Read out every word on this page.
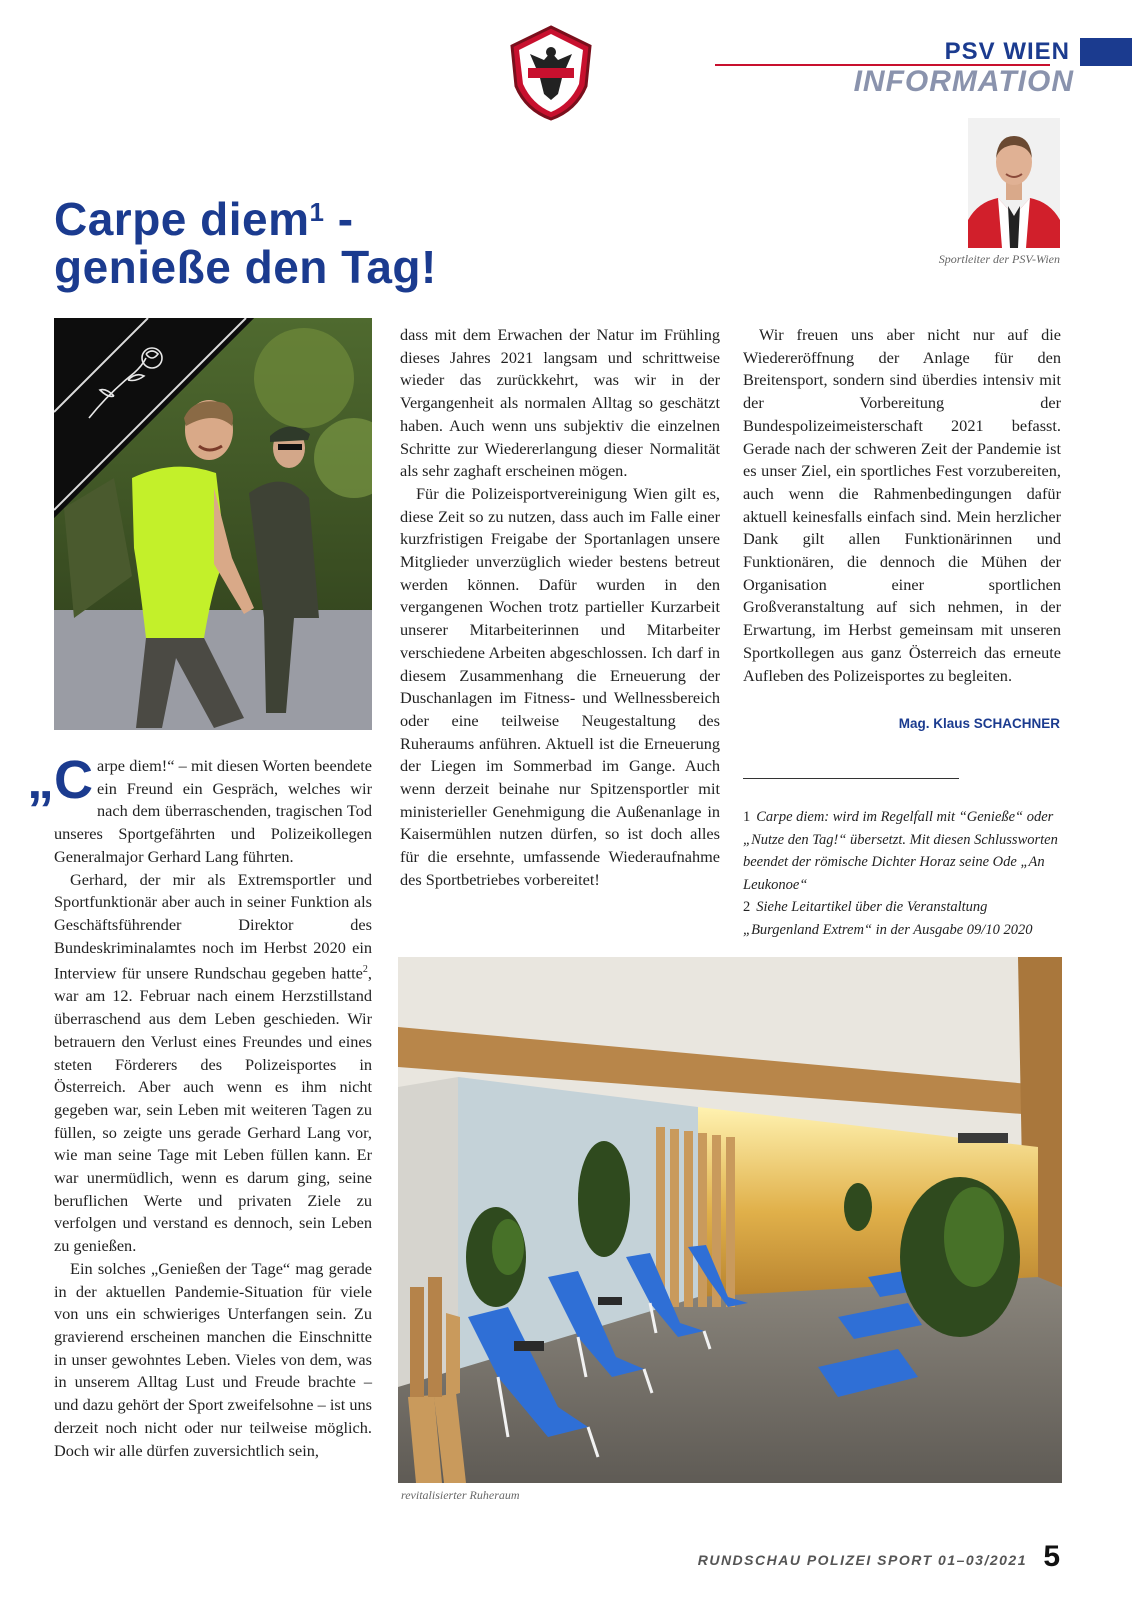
PSV WIEN
INFORMATION
Sportleiter der PSV-Wien
Carpe diem$^1$ -
genieße den Tag!

„C arpe diem!“ – mit diesen Worten beendete ein Freund ein Gespräch, welches wir nach dem überraschenden, tragischen Tod unseres Sportgefährten und Polizeikollegen Generalmajor Gerhard Lang führten.

Gerhard, der mir als Extremsportler und Sportfunktionär aber auch in seiner Funktion als Geschäftsführender Direktor des Bundeskriminalamtes noch im Herbst 2020 ein Interview für unsere Rundschau gegeben hatte$^2$, war am 12. Februar nach einem Herzstillstand überraschend aus dem Leben geschieden. Wir betrauern den Verlust eines Freundes und eines steten Förderers des Polizeisportes in Österreich. Aber auch wenn es ihm nicht gegeben war, sein Leben mit weiteren Tagen zu füllen, so zeigte uns gerade Gerhard Lang vor, wie man seine Tage mit Leben füllen kann. Er war unermüdlich, wenn es darum ging, seine beruflichen Werte und privaten Ziele zu verfolgen und verstand es dennoch, sein Leben zu genießen.

Ein solches „Genießen der Tage“ mag gerade in der aktuellen Pandemie-Situation für viele von uns ein schwieriges Unterfangen sein. Zu gravierend erscheinen manchen die Einschnitte in unser gewohntes Leben. Vieles von dem, was in unserem Alltag Lust und Freude brachte – und dazu gehört der Sport zweifelsohne – ist uns derzeit noch nicht oder nur teilweise möglich. Doch wir alle dürfen zuversichtlich sein,

dass mit dem Erwachen der Natur im Frühling dieses Jahres 2021 langsam und schrittweise wieder das zurückkehrt, was wir in der Vergangenheit als normalen Alltag so geschätzt haben. Auch wenn uns subjektiv die einzelnen Schritte zur Wiedererlangung dieser Normalität als sehr zaghaft erscheinen mögen.

Für die Polizeisportvereinigung Wien gilt es, diese Zeit so zu nutzen, dass auch im Falle einer kurzfristigen Freigabe der Sportanlagen unsere Mitglieder unverzüglich wieder bestens betreut werden können. Dafür wurden in den vergangenen Wochen trotz partieller Kurzarbeit unserer Mitarbeiterinnen und Mitarbeiter verschiedene Arbeiten abgeschlossen. Ich darf in diesem Zusammenhang die Erneuerung der Duschanlagen im Fitness- und Wellnessbereich oder eine teilweise Neugestaltung des Ruheraums anführen. Aktuell ist die Erneuerung der Liegen im Sommerbad im Gange. Auch wenn derzeit beinahe nur Spitzensportler mit ministerieller Genehmigung die Außenanlage in Kaisermühlen nutzen dürfen, so ist doch alles für die ersehnte, umfassende Wiederaufnahme des Sportbetriebes vorbereitet!

Wir freuen uns aber nicht nur auf die Wiedereröffnung der Anlage für den Breitensport, sondern sind überdies intensiv mit der Vorbereitung der Bundespolizeimeisterschaft 2021 befasst. Gerade nach der schweren Zeit der Pandemie ist es unser Ziel, ein sportliches Fest vorzubereiten, auch wenn die Rahmenbedingungen dafür aktuell keinesfalls einfach sind. Mein herzlicher Dank gilt allen Funktionärinnen und Funktionären, die dennoch die Mühen der Organisation einer sportlichen Großveranstaltung auf sich nehmen, in der Erwartung, im Herbst gemeinsam mit unseren Sportkollegen aus ganz Österreich das erneute Aufleben des Polizeisportes zu begleiten.

Mag. Klaus SCHACHNER

1 Carpe diem: wird im Regelfall mit “Genieße“ oder „Nutze den Tag!“ übersetzt. Mit diesen Schlussworten beendet der römische Dichter Horaz seine Ode „An Leukonoe“

2 Siehe Leitartikel über die Veranstaltung „Burgenland Extrem“ in der Ausgabe 09/10 2020

revitalisierter Ruheraum
RUNDSCHAU POLIZEI SPORT 01–03/2021 5
